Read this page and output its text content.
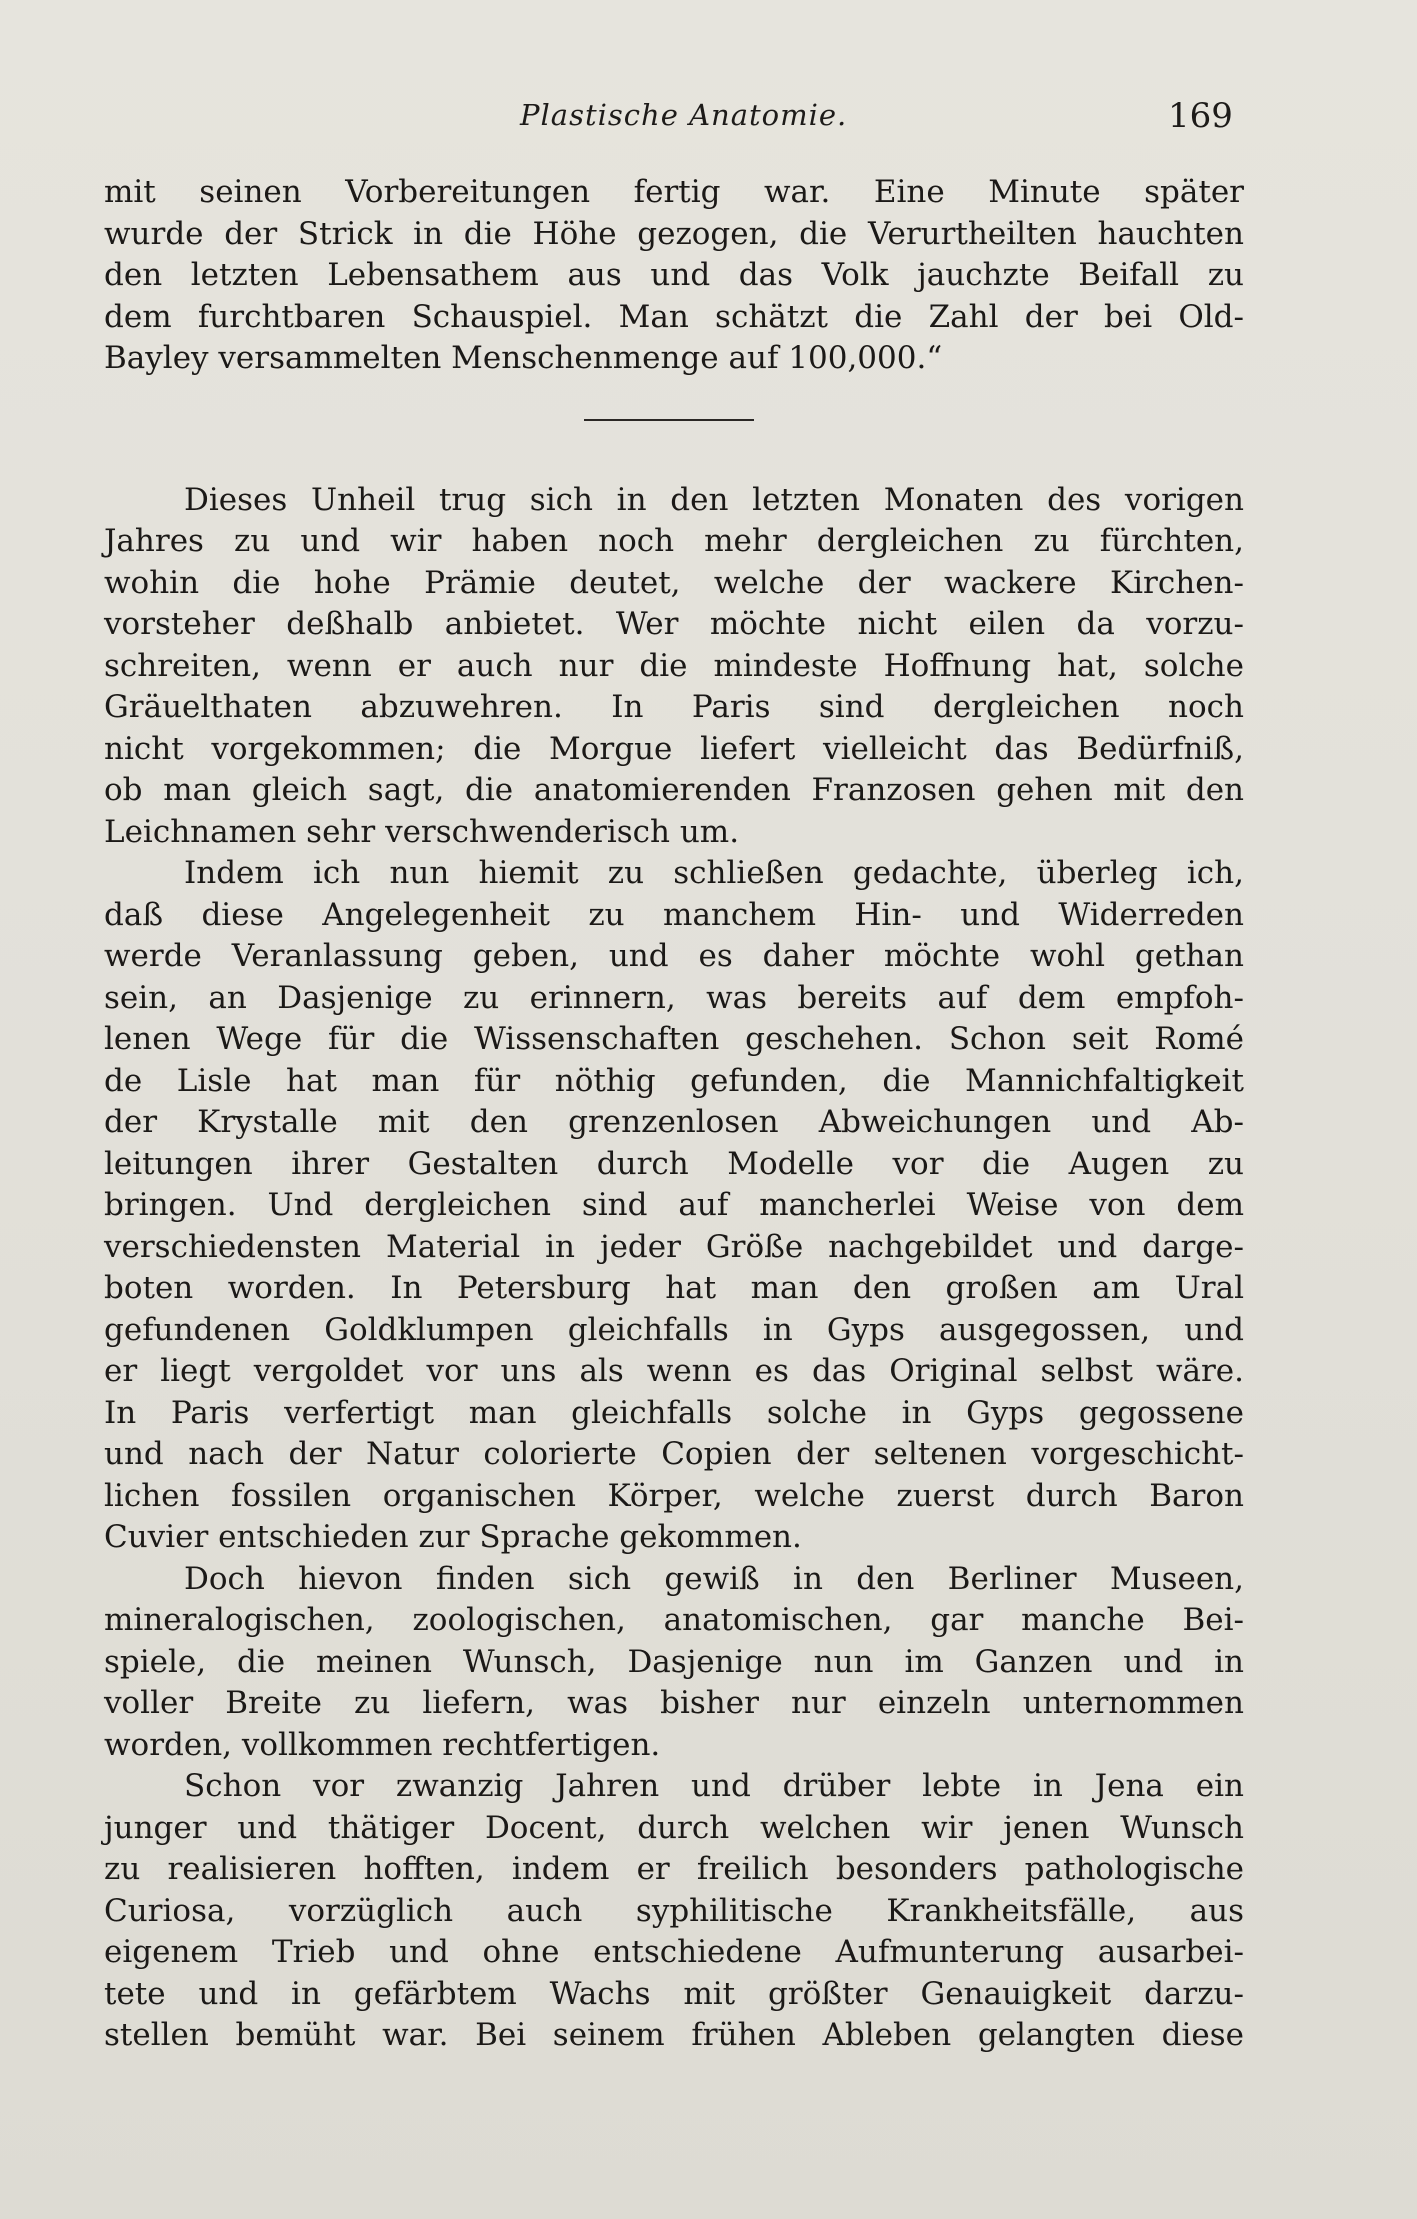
Plastische Anatomie.	169
mit seinen Vorbereitungen fertig war. Eine Minute später
wurde der Strick in die Höhe gezogen, die Verurtheilten hauchten
den letzten Lebensathem aus und das Volk jauchzte Beifall zu
dem furchtbaren Schauspiel. Man schätzt die Zahl der bei Old-
Bayley versammelten Menschenmenge auf 100,000.“
Dieses Unheil trug sich in den letzten Monaten des vorigen
Jahres zu und wir haben noch mehr dergleichen zu fürchten,
wohin die hohe Prämie deutet, welche der wackere Kirchen-
vorsteher deßhalb anbietet. Wer möchte nicht eilen da vorzu-
schreiten, wenn er auch nur die mindeste Hoffnung hat, solche
Gräuelthaten abzuwehren. In Paris sind dergleichen noch
nicht vorgekommen; die Morgue liefert vielleicht das Bedürfniß,
ob man gleich sagt, die anatomierenden Franzosen gehen mit den
Leichnamen sehr verschwenderisch um.
Indem ich nun hiemit zu schließen gedachte, überleg ich,
daß diese Angelegenheit zu manchem Hin- und Widerreden
werde Veranlassung geben, und es daher möchte wohl gethan
sein, an Dasjenige zu erinnern, was bereits auf dem empfoh-
lenen Wege für die Wissenschaften geschehen. Schon seit Romé
de Lisle hat man für nöthig gefunden, die Mannichfaltigkeit
der Krystalle mit den grenzenlosen Abweichungen und Ab-
leitungen ihrer Gestalten durch Modelle vor die Augen zu
bringen. Und dergleichen sind auf mancherlei Weise von dem
verschiedensten Material in jeder Größe nachgebildet und darge-
boten worden. In Petersburg hat man den großen am Ural
gefundenen Goldklumpen gleichfalls in Gyps ausgegossen, und
er liegt vergoldet vor uns als wenn es das Original selbst wäre.
In Paris verfertigt man gleichfalls solche in Gyps gegossene
und nach der Natur colorierte Copien der seltenen vorgeschicht-
lichen fossilen organischen Körper, welche zuerst durch Baron
Cuvier entschieden zur Sprache gekommen.
Doch hievon finden sich gewiß in den Berliner Museen,
mineralogischen, zoologischen, anatomischen, gar manche Bei-
spiele, die meinen Wunsch, Dasjenige nun im Ganzen und in
voller Breite zu liefern, was bisher nur einzeln unternommen
worden, vollkommen rechtfertigen.
Schon vor zwanzig Jahren und drüber lebte in Jena ein
junger und thätiger Docent, durch welchen wir jenen Wunsch
zu realisieren hofften, indem er freilich besonders pathologische
Curiosa, vorzüglich auch syphilitische Krankheitsfälle, aus
eigenem Trieb und ohne entschiedene Aufmunterung ausarbei-
tete und in gefärbtem Wachs mit größter Genauigkeit darzu-
stellen bemüht war. Bei seinem frühen Ableben gelangten diese
